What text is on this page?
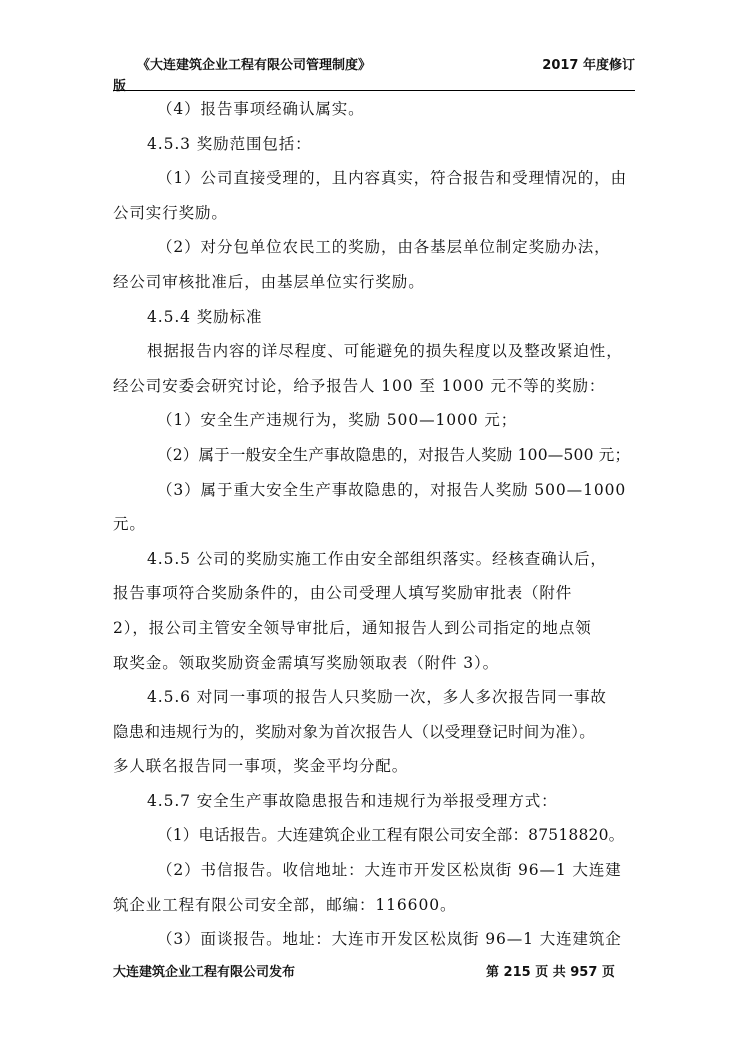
《大连建筑企业工程有限公司管理制度》	2017 年度修订
版
（4）报告事项经确认属实。
4.5.3 奖励范围包括：
（1）公司直接受理的，且内容真实，符合报告和受理情况的，由
公司实行奖励。
（2）对分包单位农民工的奖励，由各基层单位制定奖励办法，
经公司审核批准后，由基层单位实行奖励。
4.5.4 奖励标准
根据报告内容的详尽程度、可能避免的损失程度以及整改紧迫性，
经公司安委会研究讨论，给予报告人 100 至 1000 元不等的奖励：
（1）安全生产违规行为，奖励 500—1000 元；
（2）属于一般安全生产事故隐患的，对报告人奖励 100—500 元；
（3）属于重大安全生产事故隐患的，对报告人奖励 500—1000
元。
4.5.5 公司的奖励实施工作由安全部组织落实。经核查确认后，
报告事项符合奖励条件的，由公司受理人填写奖励审批表（附件
2），报公司主管安全领导审批后，通知报告人到公司指定的地点领
取奖金。领取奖励资金需填写奖励领取表（附件 3）。
4.5.6 对同一事项的报告人只奖励一次，多人多次报告同一事故
隐患和违规行为的，奖励对象为首次报告人（以受理登记时间为准）。
多人联名报告同一事项，奖金平均分配。
4.5.7 安全生产事故隐患报告和违规行为举报受理方式：
（1）电话报告。大连建筑企业工程有限公司安全部：87518820。
（2）书信报告。收信地址：大连市开发区松岚街 96—1 大连建
筑企业工程有限公司安全部，邮编：116600。
（3）面谈报告。地址：大连市开发区松岚街 96—1 大连建筑企
大连建筑企业工程有限公司发布	第 215 页 共 957 页
